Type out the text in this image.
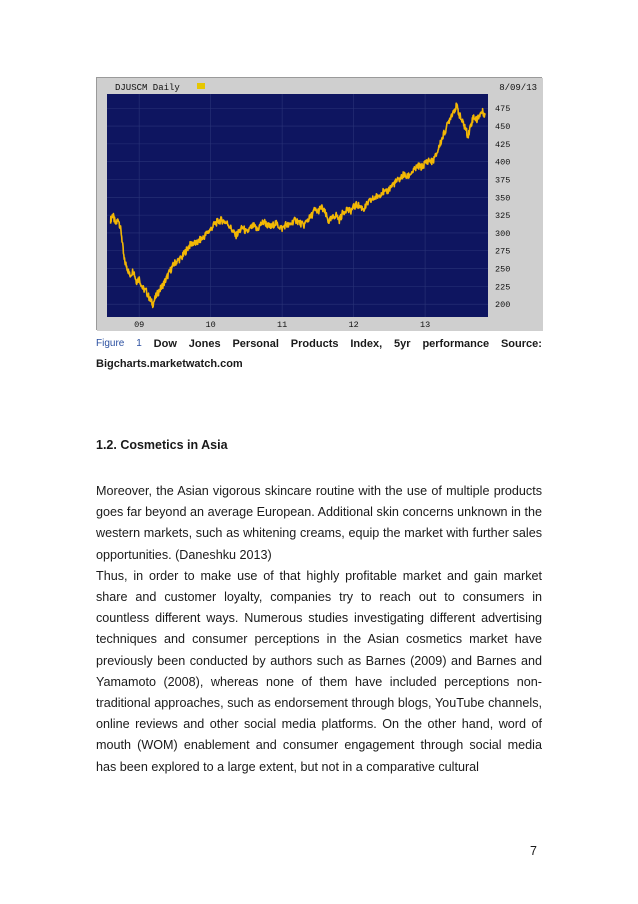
DJUSCM Daily	8/09/13
200
225
250
275
300
325
350
375
400
425
450
475
09	10	11	12	13
Figure 1 Dow Jones Personal Products Index, 5yr performance Source:
Bigcharts.marketwatch.com
1.2. Cosmetics in Asia

Moreover, the Asian vigorous skincare routine with the use of multiple products goes far beyond an average European. Additional skin concerns unknown in the western markets, such as whitening creams, equip the market with further sales opportunities. (Daneshku 2013)

Thus, in order to make use of that highly profitable market and gain market share and customer loyalty, companies try to reach out to consumers in countless different ways. Numerous studies investigating different advertising techniques and consumer perceptions in the Asian cosmetics market have previously been conducted by authors such as Barnes (2009) and Barnes and Yamamoto (2008), whereas none of them have included perceptions non-traditional approaches, such as endorsement through blogs, YouTube channels, online reviews and other social media platforms. On the other hand, word of mouth (WOM) enablement and consumer engagement through social media has been explored to a large extent, but not in a comparative cultural

7
